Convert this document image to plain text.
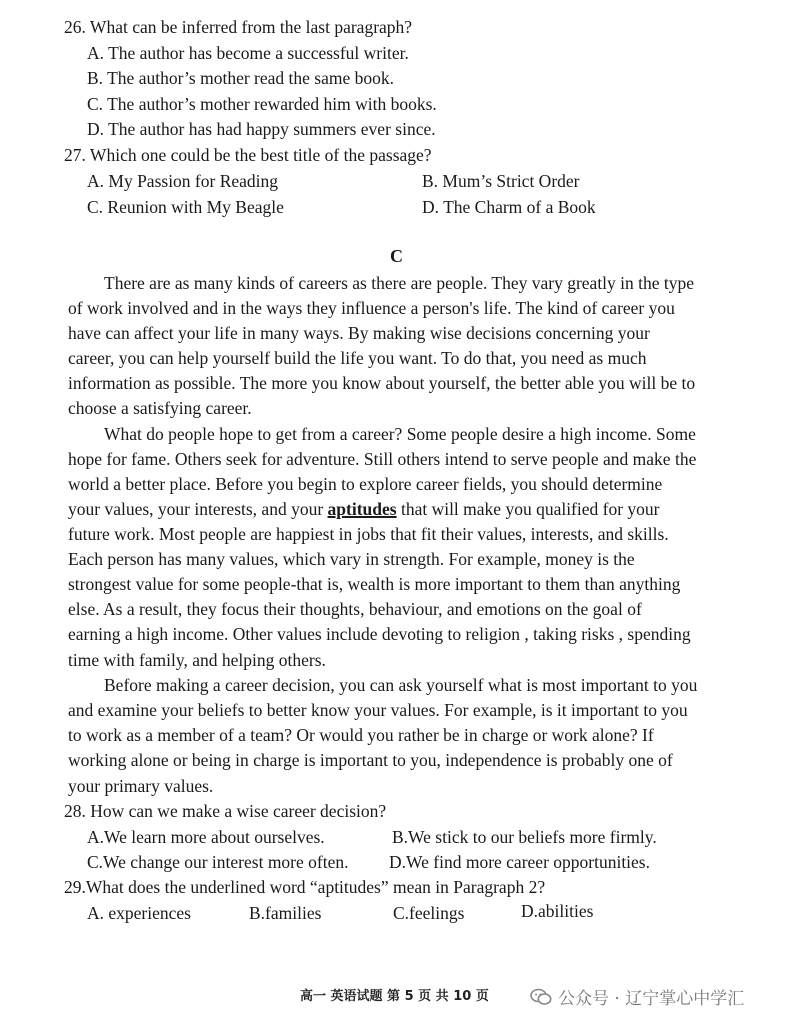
26. What can be inferred from the last paragraph?
A. The author has become a successful writer.
B. The author’s mother read the same book.
C. The author’s mother rewarded him with books.
D. The author has had happy summers ever since.
27. Which one could be the best title of the passage?
A. My Passion for Reading	B. Mum’s Strict Order
C. Reunion with My Beagle	D. The Charm of a Book
C
There are as many kinds of careers as there are people. They vary greatly in the type
of work involved and in the ways they influence a person's life. The kind of career you
have can affect your life in many ways. By making wise decisions concerning your
career, you can help yourself build the life you want. To do that, you need as much
information as possible. The more you know about yourself, the better able you will be to
choose a satisfying career.
What do people hope to get from a career? Some people desire a high income. Some
hope for fame. Others seek for adventure. Still others intend to serve people and make the
world a better place. Before you begin to explore career fields, you should determine
your values, your interests, and your aptitudes that will make you qualified for your
future work. Most people are happiest in jobs that fit their values, interests, and skills.
Each person has many values, which vary in strength. For example, money is the
strongest value for some people-that is, wealth is more important to them than anything
else. As a result, they focus their thoughts, behaviour, and emotions on the goal of
earning a high income. Other values include devoting to religion , taking risks , spending
time with family, and helping others.
Before making a career decision, you can ask yourself what is most important to you
and examine your beliefs to better know your values. For example, is it important to you
to work as a member of a team? Or would you rather be in charge or work alone? If
working alone or being in charge is important to you, independence is probably one of
your primary values.
28. How can we make a wise career decision?
A.We learn more about ourselves.	B.We stick to our beliefs more firmly.
C.We change our interest more often. D.We find more career opportunities.
29.What does the underlined word “aptitudes” mean in Paragraph 2?
A. experiences	B.families	C.feelings	D.abilities
高一 英语试题 第 5 页 共 10 页	公众号 · 辽宁掌心中学汇
